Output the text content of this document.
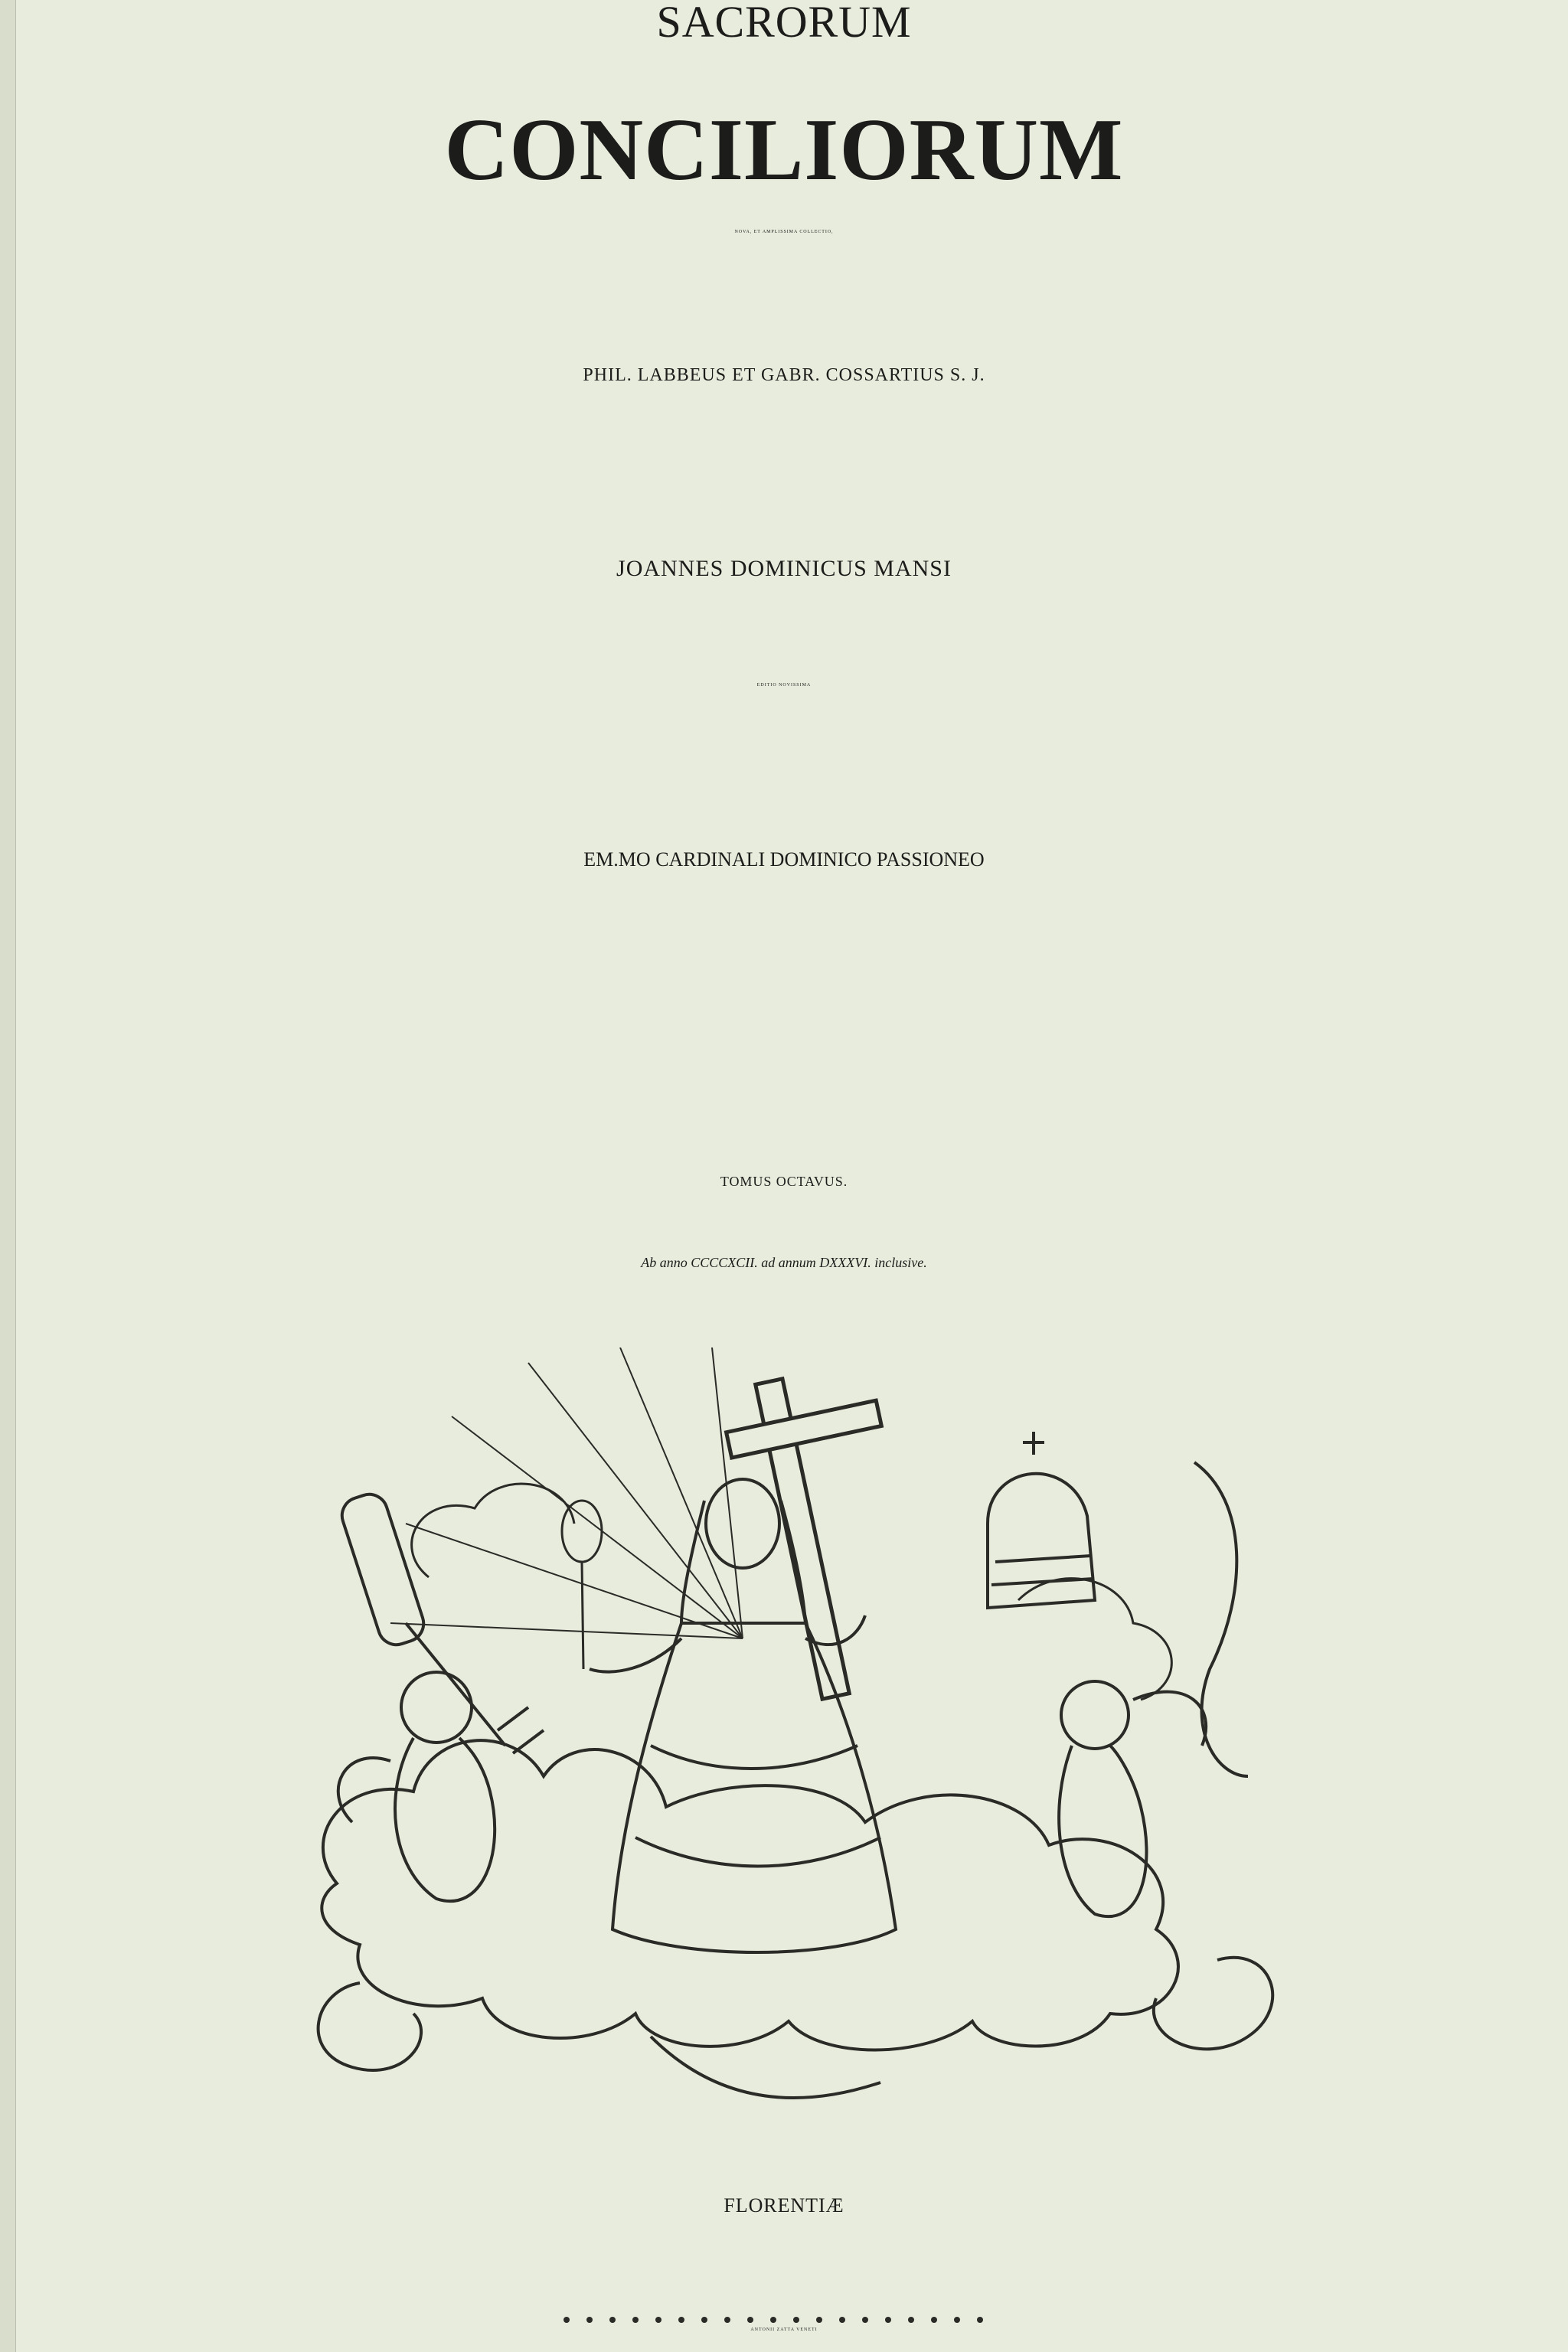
SACRORUM
CONCILIORUM
NOVA, ET AMPLISSIMA COLLECTIO,
PHIL. LABBEUS ET GABR. COSSARTIUS S. J.
JOANNES DOMINICUS MANSI
EDITIO NOVISSIMA
EM.MO CARDINALI DOMINICO PASSIONEO
TOMUS OCTAVUS.
Ab anno CCCCXCII. ad annum DXXXVI. inclusive.
FLORENTIÆ
ANTONII ZATTA VENETI
